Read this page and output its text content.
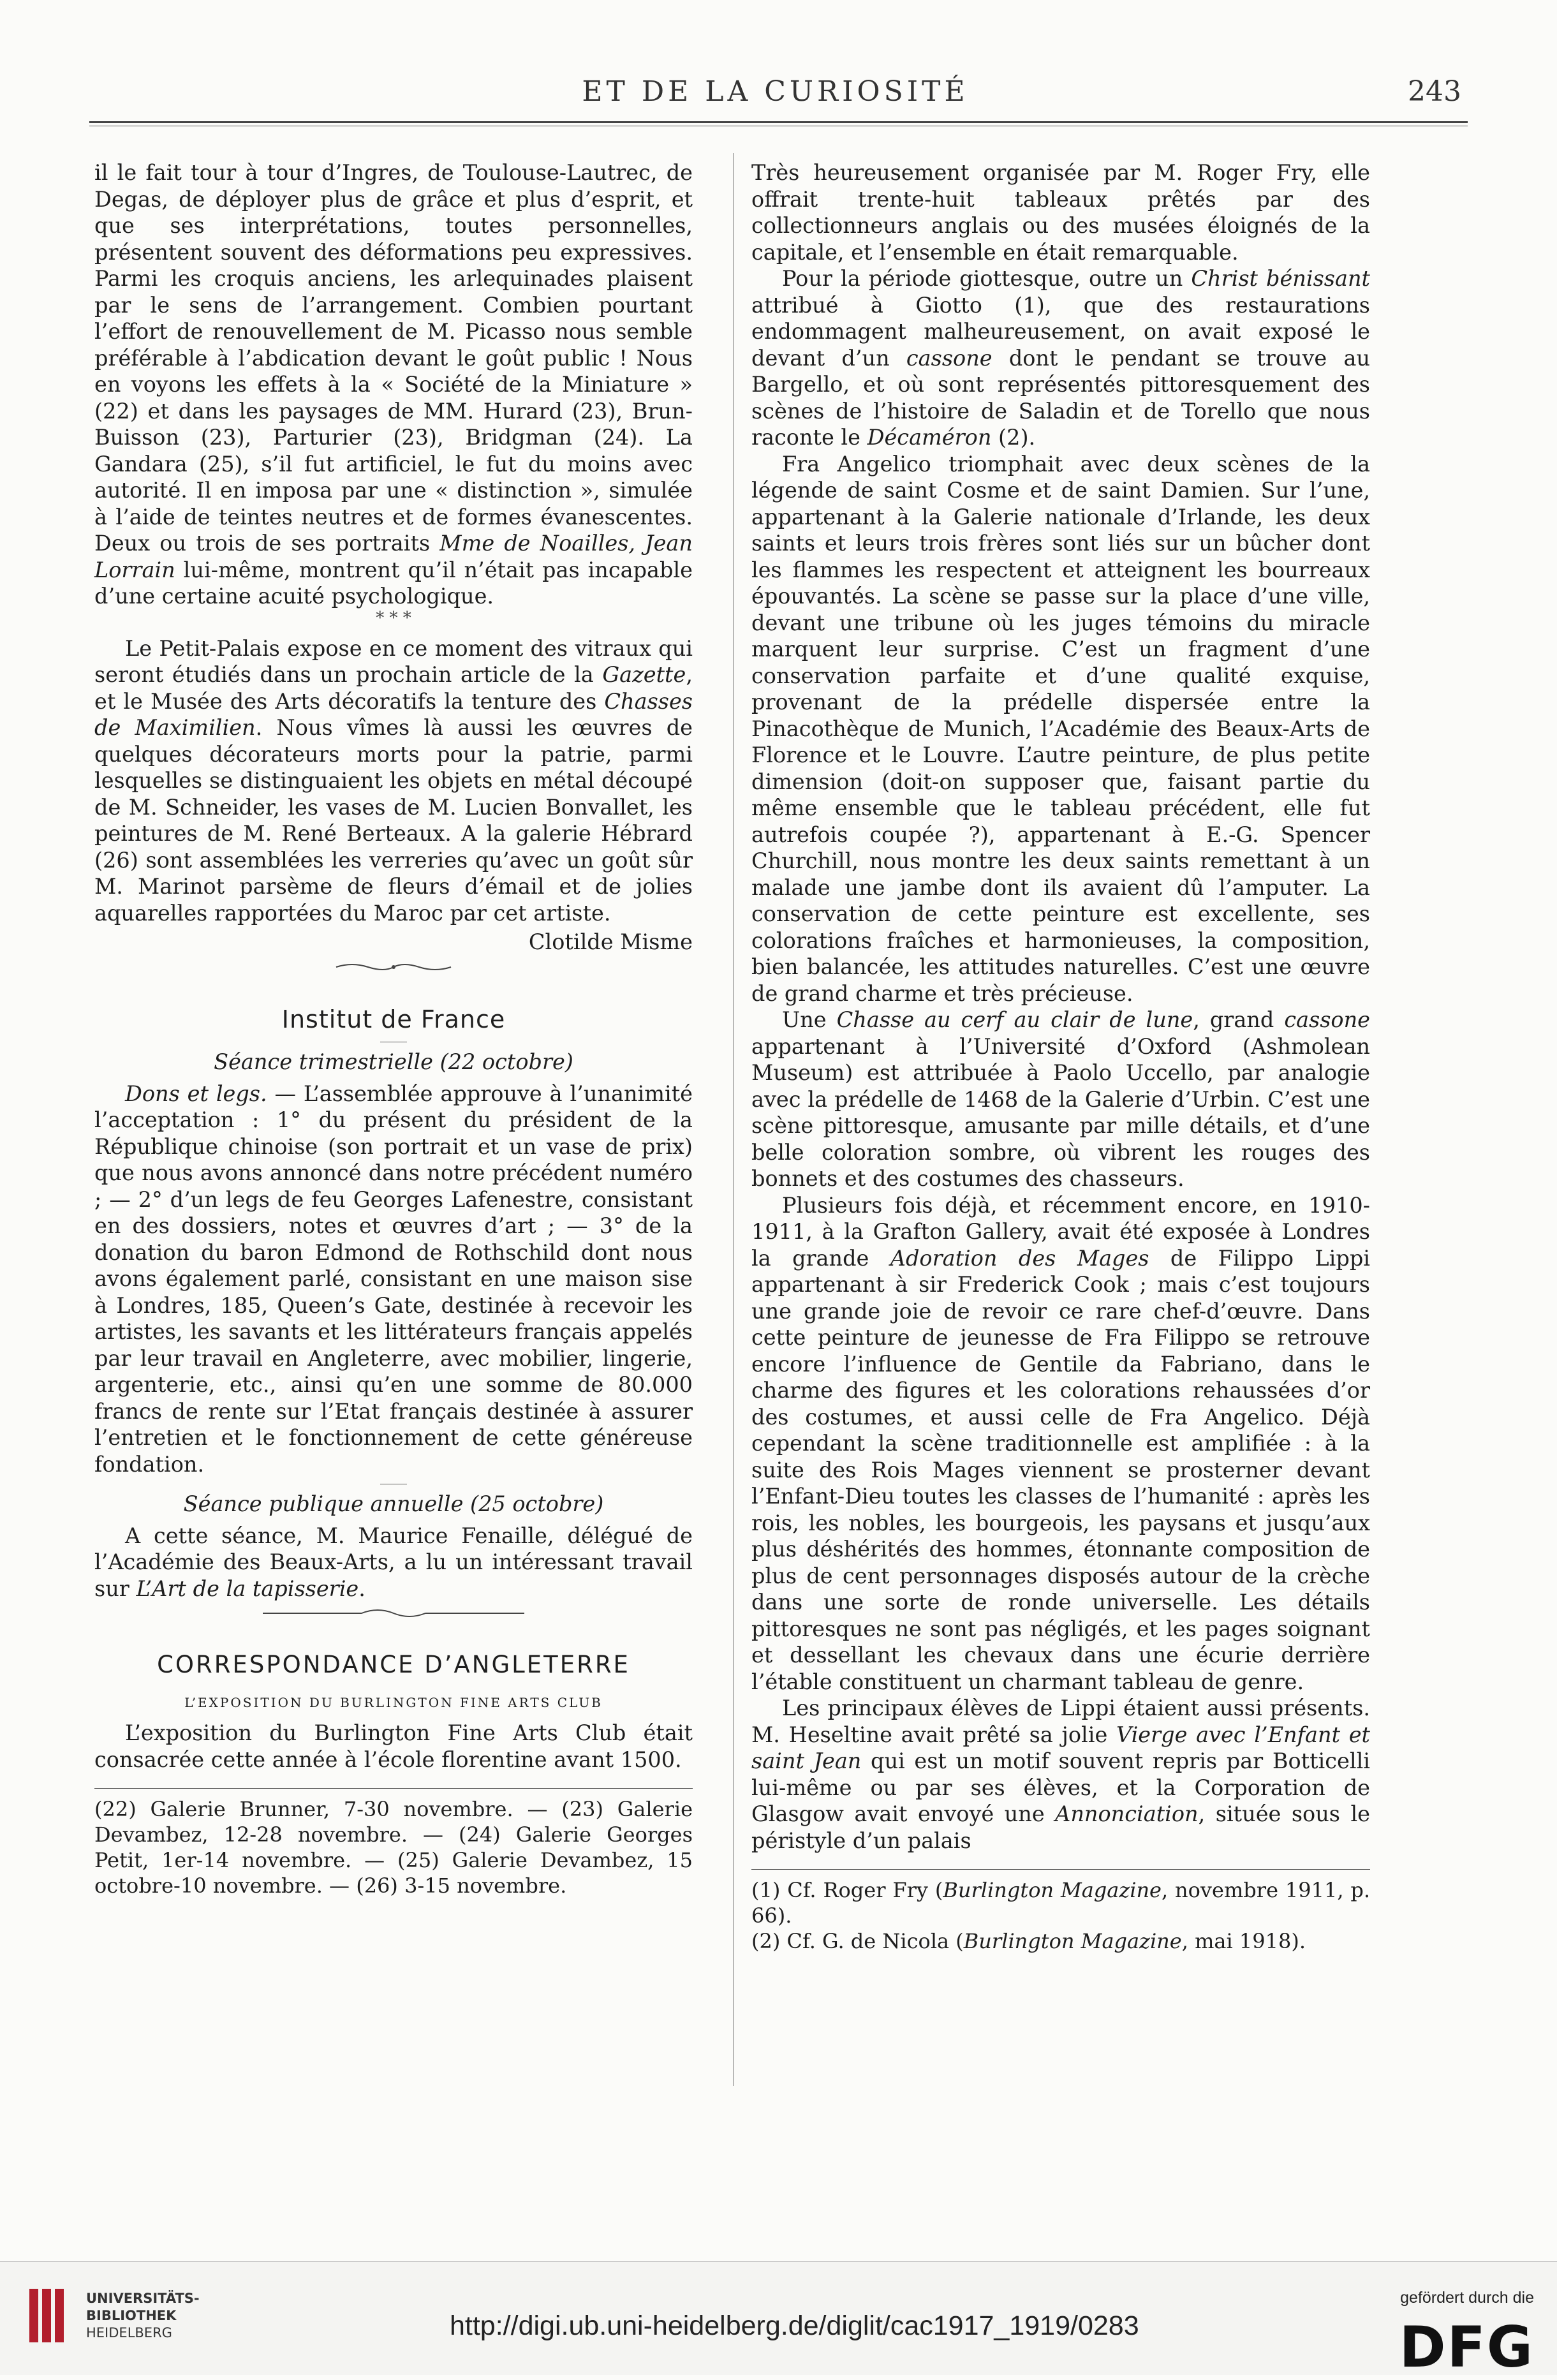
ET DE LA CURIOSITÉ	243

il le fait tour à tour d’Ingres, de Toulouse-Lautrec, de Degas, de déployer plus de grâce et plus d’esprit, et que ses interprétations, toutes personnelles, présentent souvent des déformations peu expressives. Parmi les croquis anciens, les arlequinades plaisent par le sens de l’arrangement. Combien pourtant l’effort de renouvellement de M. Picasso nous semble préférable à l’abdication devant le goût public ! Nous en voyons les effets à la « Société de la Miniature » (22) et dans les paysages de MM. Hurard (23), Brun-Buisson (23), Parturier (23), Bridgman (24). La Gandara (25), s’il fut artificiel, le fut du moins avec autorité. Il en imposa par une « distinction », simulée à l’aide de teintes neutres et de formes évanescentes. Deux ou trois de ses portraits Mme de Noailles, Jean Lorrain lui-même, montrent qu’il n’était pas incapable d’une certaine acuité psychologique.

* * *

Le Petit-Palais expose en ce moment des vitraux qui seront étudiés dans un prochain article de la Gazette, et le Musée des Arts décoratifs la tenture des Chasses de Maximilien. Nous vîmes là aussi les œuvres de quelques décorateurs morts pour la patrie, parmi lesquelles se distinguaient les objets en métal découpé de M. Schneider, les vases de M. Lucien Bonvallet, les peintures de M. René Berteaux. A la galerie Hébrard (26) sont assemblées les verreries qu’avec un goût sûr M. Marinot parsème de fleurs d’émail et de jolies aquarelles rapportées du Maroc par cet artiste.

Clotilde Misme
Institut de France
Séance trimestrielle (22 octobre)

Dons et legs. — L’assemblée approuve à l’unanimité l’acceptation : 1° du présent du président de la République chinoise (son portrait et un vase de prix) que nous avons annoncé dans notre précédent numéro ; — 2° d’un legs de feu Georges Lafenestre, consistant en des dossiers, notes et œuvres d’art ; — 3° de la donation du baron Edmond de Rothschild dont nous avons également parlé, consistant en une maison sise à Londres, 185, Queen’s Gate, destinée à recevoir les artistes, les savants et les littérateurs français appelés par leur travail en Angleterre, avec mobilier, lingerie, argenterie, etc., ainsi qu’en une somme de 80.000 francs de rente sur l’Etat français destinée à assurer l’entretien et le fonctionnement de cette généreuse fondation.

Séance publique annuelle (25 octobre)

A cette séance, M. Maurice Fenaille, délégué de l’Académie des Beaux-Arts, a lu un intéressant travail sur L’Art de la tapisserie.

CORRESPONDANCE D’ANGLETERRE
L’EXPOSITION DU BURLINGTON FINE ARTS CLUB

L’exposition du Burlington Fine Arts Club était consacrée cette année à l’école florentine avant 1500.

(22) Galerie Brunner, 7-30 novembre. — (23) Galerie Devambez, 12-28 novembre. — (24) Galerie Georges Petit, 1er-14 novembre. — (25) Galerie Devambez, 15 octobre-10 novembre. — (26) 3-15 novembre.

Très heureusement organisée par M. Roger Fry, elle offrait trente-huit tableaux prêtés par des collectionneurs anglais ou des musées éloignés de la capitale, et l’ensemble en était remarquable.

Pour la période giottesque, outre un Christ bénissant attribué à Giotto (1), que des restaurations endommagent malheureusement, on avait exposé le devant d’un cassone dont le pendant se trouve au Bargello, et où sont représentés pittoresquement des scènes de l’histoire de Saladin et de Torello que nous raconte le Décaméron (2).

Fra Angelico triomphait avec deux scènes de la légende de saint Cosme et de saint Damien. Sur l’une, appartenant à la Galerie nationale d’Irlande, les deux saints et leurs trois frères sont liés sur un bûcher dont les flammes les respectent et atteignent les bourreaux épouvantés. La scène se passe sur la place d’une ville, devant une tribune où les juges témoins du miracle marquent leur surprise. C’est un fragment d’une conservation parfaite et d’une qualité exquise, provenant de la prédelle dispersée entre la Pinacothèque de Munich, l’Académie des Beaux-Arts de Florence et le Louvre. L’autre peinture, de plus petite dimension (doit-on supposer que, faisant partie du même ensemble que le tableau précédent, elle fut autrefois coupée ?), appartenant à E.-G. Spencer Churchill, nous montre les deux saints remettant à un malade une jambe dont ils avaient dû l’amputer. La conservation de cette peinture est excellente, ses colorations fraîches et harmonieuses, la composition, bien balancée, les attitudes naturelles. C’est une œuvre de grand charme et très précieuse.

Une Chasse au cerf au clair de lune, grand cassone appartenant à l’Université d’Oxford (Ashmolean Museum) est attribuée à Paolo Uccello, par analogie avec la prédelle de 1468 de la Galerie d’Urbin. C’est une scène pittoresque, amusante par mille détails, et d’une belle coloration sombre, où vibrent les rouges des bonnets et des costumes des chasseurs.

Plusieurs fois déjà, et récemment encore, en 1910-1911, à la Grafton Gallery, avait été exposée à Londres la grande Adoration des Mages de Filippo Lippi appartenant à sir Frederick Cook ; mais c’est toujours une grande joie de revoir ce rare chef-d’œuvre. Dans cette peinture de jeunesse de Fra Filippo se retrouve encore l’influence de Gentile da Fabriano, dans le charme des figures et les colorations rehaussées d’or des costumes, et aussi celle de Fra Angelico. Déjà cependant la scène traditionnelle est amplifiée : à la suite des Rois Mages viennent se prosterner devant l’Enfant-Dieu toutes les classes de l’humanité : après les rois, les nobles, les bourgeois, les paysans et jusqu’aux plus déshérités des hommes, étonnante composition de plus de cent personnages disposés autour de la crèche dans une sorte de ronde universelle. Les détails pittoresques ne sont pas négligés, et les pages soignant et dessellant les chevaux dans une écurie derrière l’étable constituent un charmant tableau de genre.

Les principaux élèves de Lippi étaient aussi présents. M. Heseltine avait prêté sa jolie Vierge avec l’Enfant et saint Jean qui est un motif souvent repris par Botticelli lui-même ou par ses élèves, et la Corporation de Glasgow avait envoyé une Annonciation, située sous le péristyle d’un palais

(1) Cf. Roger Fry (Burlington Magazine, novembre 1911, p. 66).

(2) Cf. G. de Nicola (Burlington Magazine, mai 1918).

UNIVERSITÄTS-
BIBLIOTHEK
HEIDELBERG	http://digi.ub.uni-heidelberg.de/diglit/cac1917_1919/0283
gefördert durch die
DFG
